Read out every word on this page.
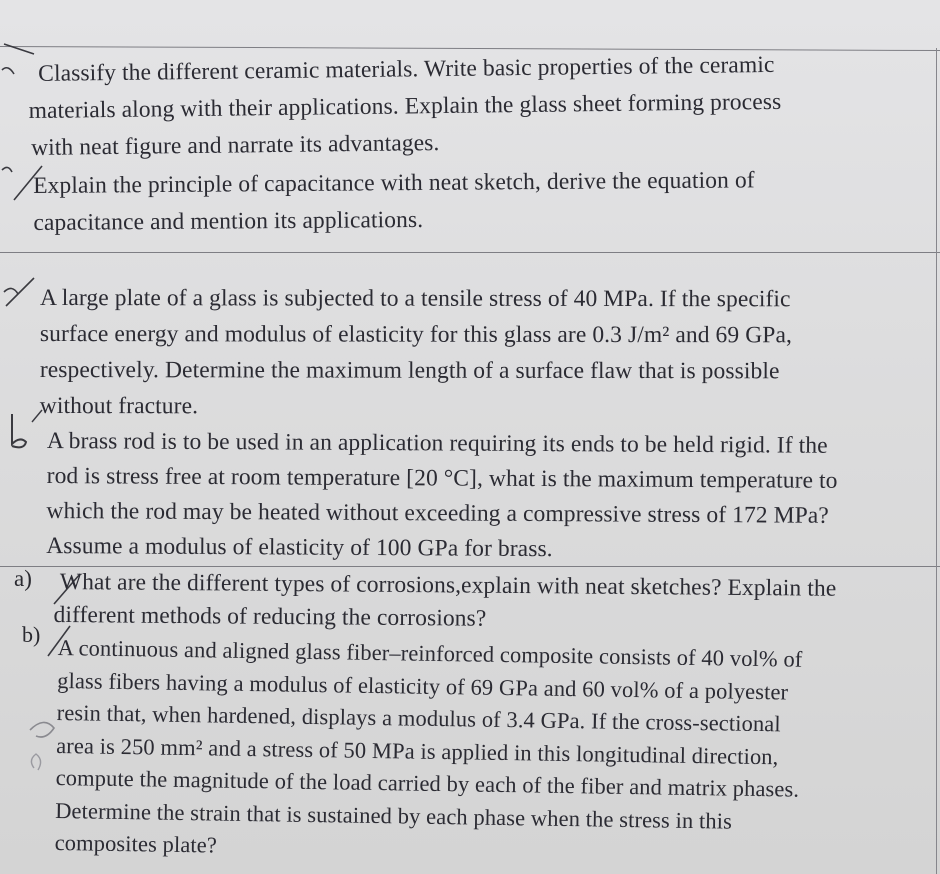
a)
b)
Classify the different ceramic materials. Write basic properties of the ceramic
materials along with their applications. Explain the glass sheet forming process
with neat figure and narrate its advantages.
Explain the principle of capacitance with neat sketch, derive the equation of
capacitance and mention its applications.
A large plate of a glass is subjected to a tensile stress of 40 MPa. If the specific
surface energy and modulus of elasticity for this glass are 0.3 J/m² and 69 GPa,
respectively. Determine the maximum length of a surface flaw that is possible
without fracture.
A brass rod is to be used in an application requiring its ends to be held rigid. If the
rod is stress free at room temperature [20 °C], what is the maximum temperature to
which the rod may be heated without exceeding a compressive stress of 172 MPa?
Assume a modulus of elasticity of 100 GPa for brass.
What are the different types of corrosions,explain with neat sketches? Explain the
different methods of reducing the corrosions?
A continuous and aligned glass fiber–reinforced composite consists of 40 vol% of
glass fibers having a modulus of elasticity of 69 GPa and 60 vol% of a polyester
resin that, when hardened, displays a modulus of 3.4 GPa. If the cross-sectional
area is 250 mm² and a stress of 50 MPa is applied in this longitudinal direction,
compute the magnitude of the load carried by each of the fiber and matrix phases.
Determine the strain that is sustained by each phase when the stress in this
composites plate?
